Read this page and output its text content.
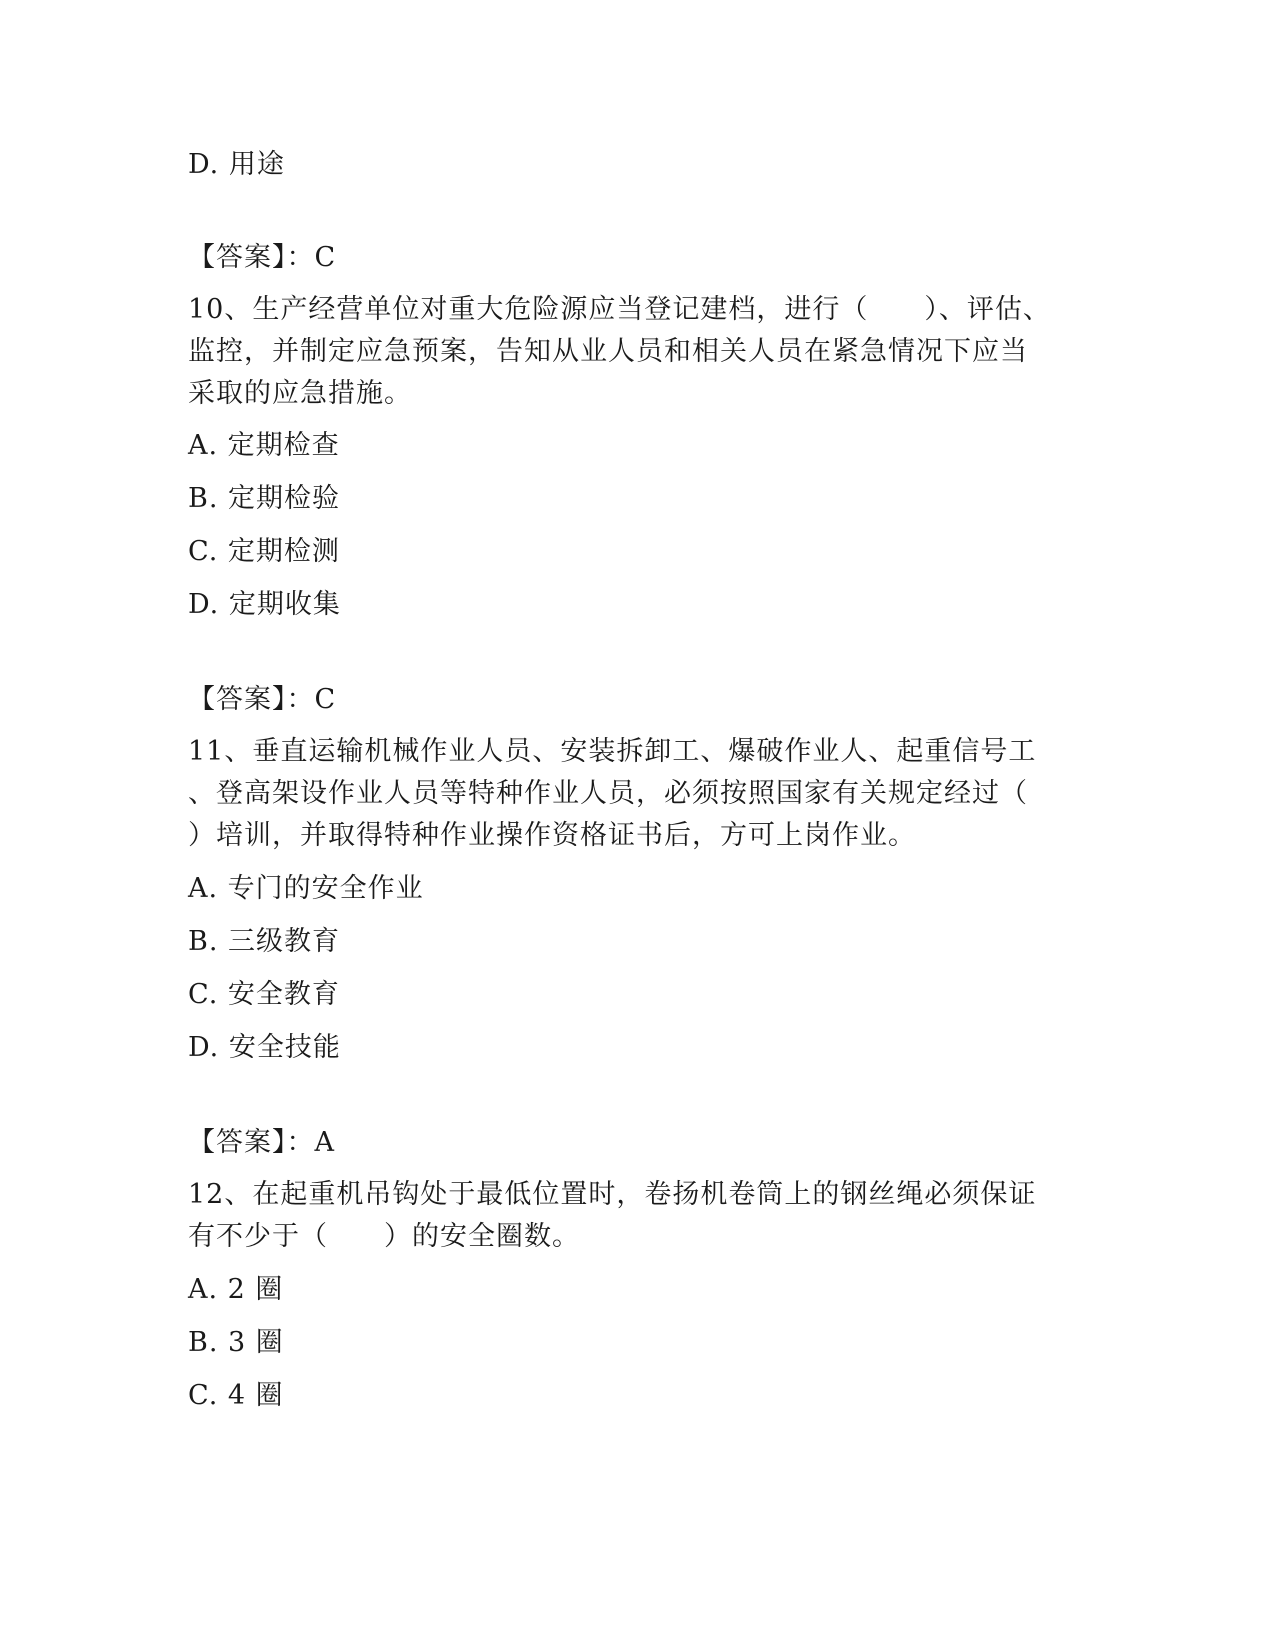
D. 用途
【答案】：C
10、生产经营单位对重大危险源应当登记建档，进行（　　）、评估、
监控，并制定应急预案，告知从业人员和相关人员在紧急情况下应当
采取的应急措施。
A. 定期检查
B. 定期检验
C. 定期检测
D. 定期收集
【答案】：C
11、垂直运输机械作业人员、安装拆卸工、爆破作业人、起重信号工
、登高架设作业人员等特种作业人员，必须按照国家有关规定经过（
）培训，并取得特种作业操作资格证书后，方可上岗作业。
A. 专门的安全作业
B. 三级教育
C. 安全教育
D. 安全技能
【答案】：A
12、在起重机吊钩处于最低位置时，卷扬机卷筒上的钢丝绳必须保证
有不少于（　　）的安全圈数。
A. 2 圈
B. 3 圈
C. 4 圈
